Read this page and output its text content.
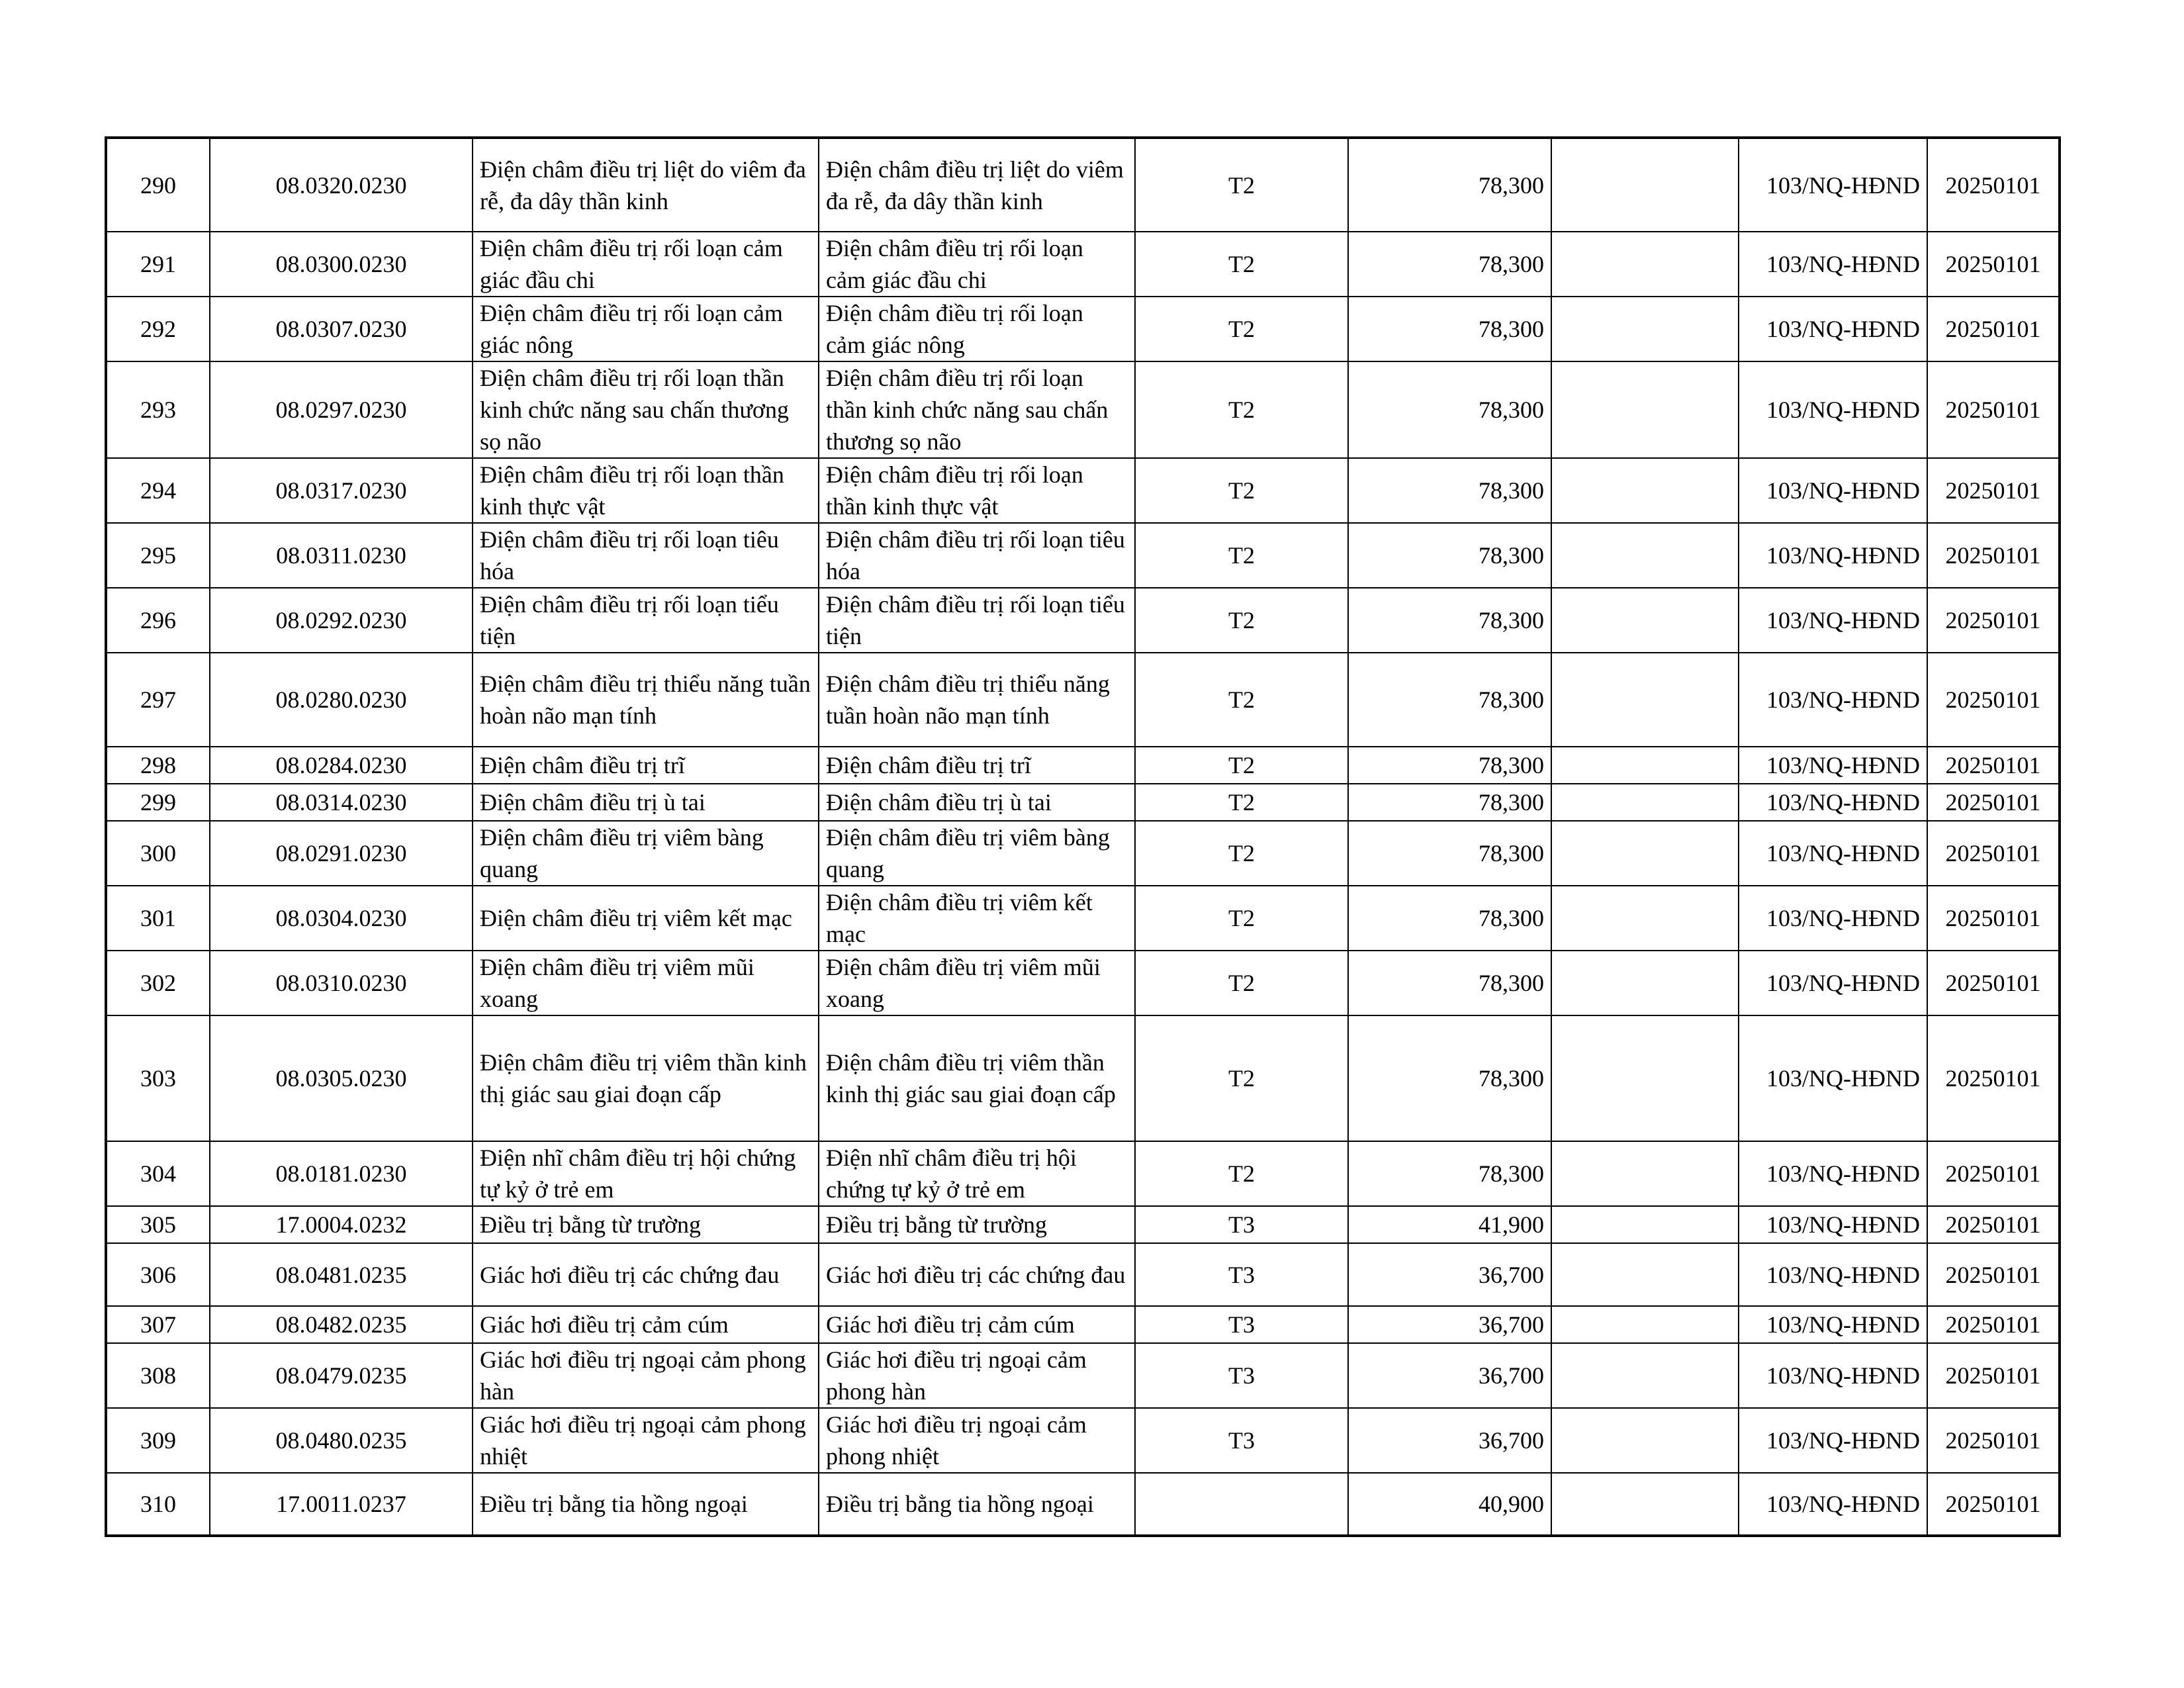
290	08.0320.0230	Điện châm điều trị liệt do viêm đa rễ, đa dây thần kinh	Điện châm điều trị liệt do viêm đa rễ, đa dây thần kinh	T2	78,300		103/NQ-HĐND	20250101
291	08.0300.0230	Điện châm điều trị rối loạn cảm giác đầu chi	Điện châm điều trị rối loạn cảm giác đầu chi	T2	78,300		103/NQ-HĐND	20250101
292	08.0307.0230	Điện châm điều trị rối loạn cảm giác nông	Điện châm điều trị rối loạn cảm giác nông	T2	78,300		103/NQ-HĐND	20250101
293	08.0297.0230	Điện châm điều trị rối loạn thần kinh chức năng sau chấn thương sọ não	Điện châm điều trị rối loạn thần kinh chức năng sau chấn thương sọ não	T2	78,300		103/NQ-HĐND	20250101
294	08.0317.0230	Điện châm điều trị rối loạn thần kinh thực vật	Điện châm điều trị rối loạn thần kinh thực vật	T2	78,300		103/NQ-HĐND	20250101
295	08.0311.0230	Điện châm điều trị rối loạn tiêu hóa	Điện châm điều trị rối loạn tiêu hóa	T2	78,300		103/NQ-HĐND	20250101
296	08.0292.0230	Điện châm điều trị rối loạn tiểu tiện	Điện châm điều trị rối loạn tiểu tiện	T2	78,300		103/NQ-HĐND	20250101
297	08.0280.0230	Điện châm điều trị thiểu năng tuần hoàn não mạn tính	Điện châm điều trị thiểu năng tuần hoàn não mạn tính	T2	78,300		103/NQ-HĐND	20250101
298	08.0284.0230	Điện châm điều trị trĩ	Điện châm điều trị trĩ	T2	78,300		103/NQ-HĐND	20250101
299	08.0314.0230	Điện châm điều trị ù tai	Điện châm điều trị ù tai	T2	78,300		103/NQ-HĐND	20250101
300	08.0291.0230	Điện châm điều trị viêm bàng quang	Điện châm điều trị viêm bàng quang	T2	78,300		103/NQ-HĐND	20250101
301	08.0304.0230	Điện châm điều trị viêm kết mạc	Điện châm điều trị viêm kết mạc	T2	78,300		103/NQ-HĐND	20250101
302	08.0310.0230	Điện châm điều trị viêm mũi xoang	Điện châm điều trị viêm mũi xoang	T2	78,300		103/NQ-HĐND	20250101
303	08.0305.0230	Điện châm điều trị viêm thần kinh thị giác sau giai đoạn cấp	Điện châm điều trị viêm thần kinh thị giác sau giai đoạn cấp	T2	78,300		103/NQ-HĐND	20250101
304	08.0181.0230	Điện nhĩ châm điều trị hội chứng tự kỷ ở trẻ em	Điện nhĩ châm điều trị hội chứng tự kỷ ở trẻ em	T2	78,300		103/NQ-HĐND	20250101
305	17.0004.0232	Điều trị bằng từ trường	Điều trị bằng từ trường	T3	41,900		103/NQ-HĐND	20250101
306	08.0481.0235	Giác hơi điều trị các chứng đau	Giác hơi điều trị các chứng đau	T3	36,700		103/NQ-HĐND	20250101
307	08.0482.0235	Giác hơi điều trị cảm cúm	Giác hơi điều trị cảm cúm	T3	36,700		103/NQ-HĐND	20250101
308	08.0479.0235	Giác hơi điều trị ngoại cảm phong hàn	Giác hơi điều trị ngoại cảm phong hàn	T3	36,700		103/NQ-HĐND	20250101
309	08.0480.0235	Giác hơi điều trị ngoại cảm phong nhiệt	Giác hơi điều trị ngoại cảm phong nhiệt	T3	36,700		103/NQ-HĐND	20250101
310	17.0011.0237	Điều trị bằng tia hồng ngoại	Điều trị bằng tia hồng ngoại		40,900		103/NQ-HĐND	20250101
